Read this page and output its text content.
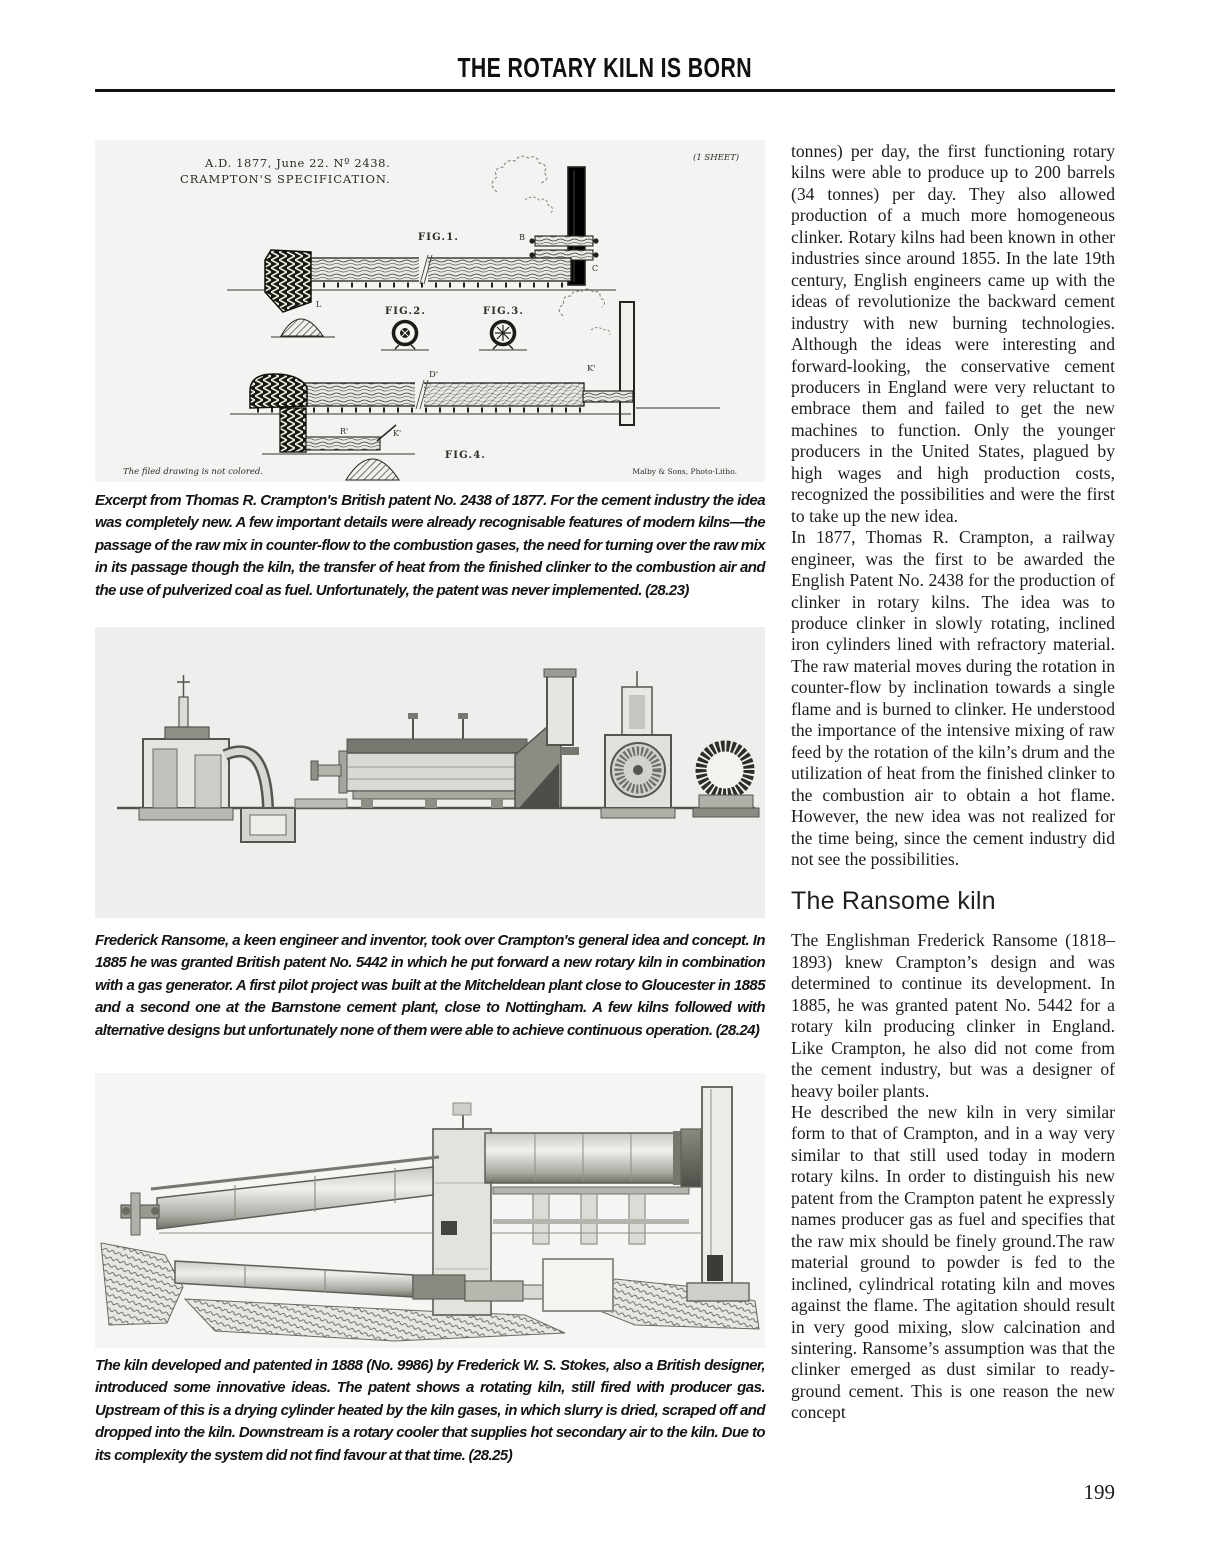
THE ROTARY KILN IS BORN
A.D. 1877, June 22. Nº 2438.
CRAMPTON'S SPECIFICATION.
(1 SHEET)
B
C
FIG.1.
L
FIG.2.	FIG.3.
D'
K'
R'	K'
FIG.4.
The filed drawing is not colored.	Malby & Sons, Photo-Litho.
Excerpt from Thomas R. Crampton's British patent No. 2438 of 1877. For the cement industry the idea was completely new. A few important details were already recognisable features of modern kilns—the passage of the raw mix in counter-flow to the combustion gases, the need for turning over the raw mix in its passage though the kiln, the transfer of heat from the finished clinker to the combustion air and the use of pulverized coal as fuel. Unfortunately, the patent was never implemented. (28.23)
Frederick Ransome, a keen engineer and inventor, took over Crampton's general idea and concept. In 1885 he was granted British patent No. 5442 in which he put forward a new rotary kiln in combination with a gas generator. A first pilot project was built at the Mitcheldean plant close to Gloucester in 1885 and a second one at the Barnstone cement plant, close to Nottingham. A few kilns followed with alternative designs but unfortunately none of them were able to achieve continuous operation. (28.24)
The kiln developed and patented in 1888 (No. 9986) by Frederick W. S. Stokes, also a British designer, introduced some innovative ideas. The patent shows a rotating kiln, still fired with producer gas. Upstream of this is a drying cylinder heated by the kiln gases, in which slurry is dried, scraped off and dropped into the kiln. Downstream is a rotary cooler that supplies hot secondary air to the kiln. Due to its complexity the system did not find favour at that time. (28.25)

tonnes) per day, the first functioning rotary kilns were able to produce up to 200 barrels (34 tonnes) per day. They also allowed production of a much more homogeneous clinker. Rotary kilns had been known in other industries since around 1855. In the late 19th century, English engineers came up with the ideas of revolutionize the backward cement industry with new burning technologies. Although the ideas were interesting and forward-looking, the conservative cement producers in England were very reluctant to embrace them and failed to get the new machines to function. Only the younger producers in the United States, plagued by high wages and high production costs, recognized the possibilities and were the first to take up the new idea.

In 1877, Thomas R. Crampton, a railway engineer, was the first to be awarded the English Patent No. 2438 for the production of clinker in rotary kilns. The idea was to produce clinker in slowly rotating, inclined iron cylinders lined with refractory material. The raw material moves during the rotation in counter-flow by inclination towards a single flame and is burned to clinker. He understood the importance of the intensive mixing of raw feed by the rotation of the kiln’s drum and the utilization of heat from the finished clinker to the combustion air to obtain a hot flame. However, the new idea was not realized for the time being, since the cement industry did not see the possibilities.

The Ransome kiln

The Englishman Frederick Ransome (1818–1893) knew Crampton’s design and was determined to continue its development. In 1885, he was granted patent No. 5442 for a rotary kiln producing clinker in England. Like Crampton, he also did not come from the cement industry, but was a designer of heavy boiler plants.

He described the new kiln in very similar form to that of Crampton, and in a way very similar to that still used today in modern rotary kilns. In order to distinguish his new patent from the Crampton patent he expressly names producer gas as fuel and specifies that the raw mix should be finely ground.The raw material ground to powder is fed to the inclined, cylindrical rotating kiln and moves against the flame. The agitation should result in very good mixing, slow calcination and sintering. Ransome’s assumption was that the clinker emerged as dust similar to ready-ground cement. This is one reason the new concept

199
